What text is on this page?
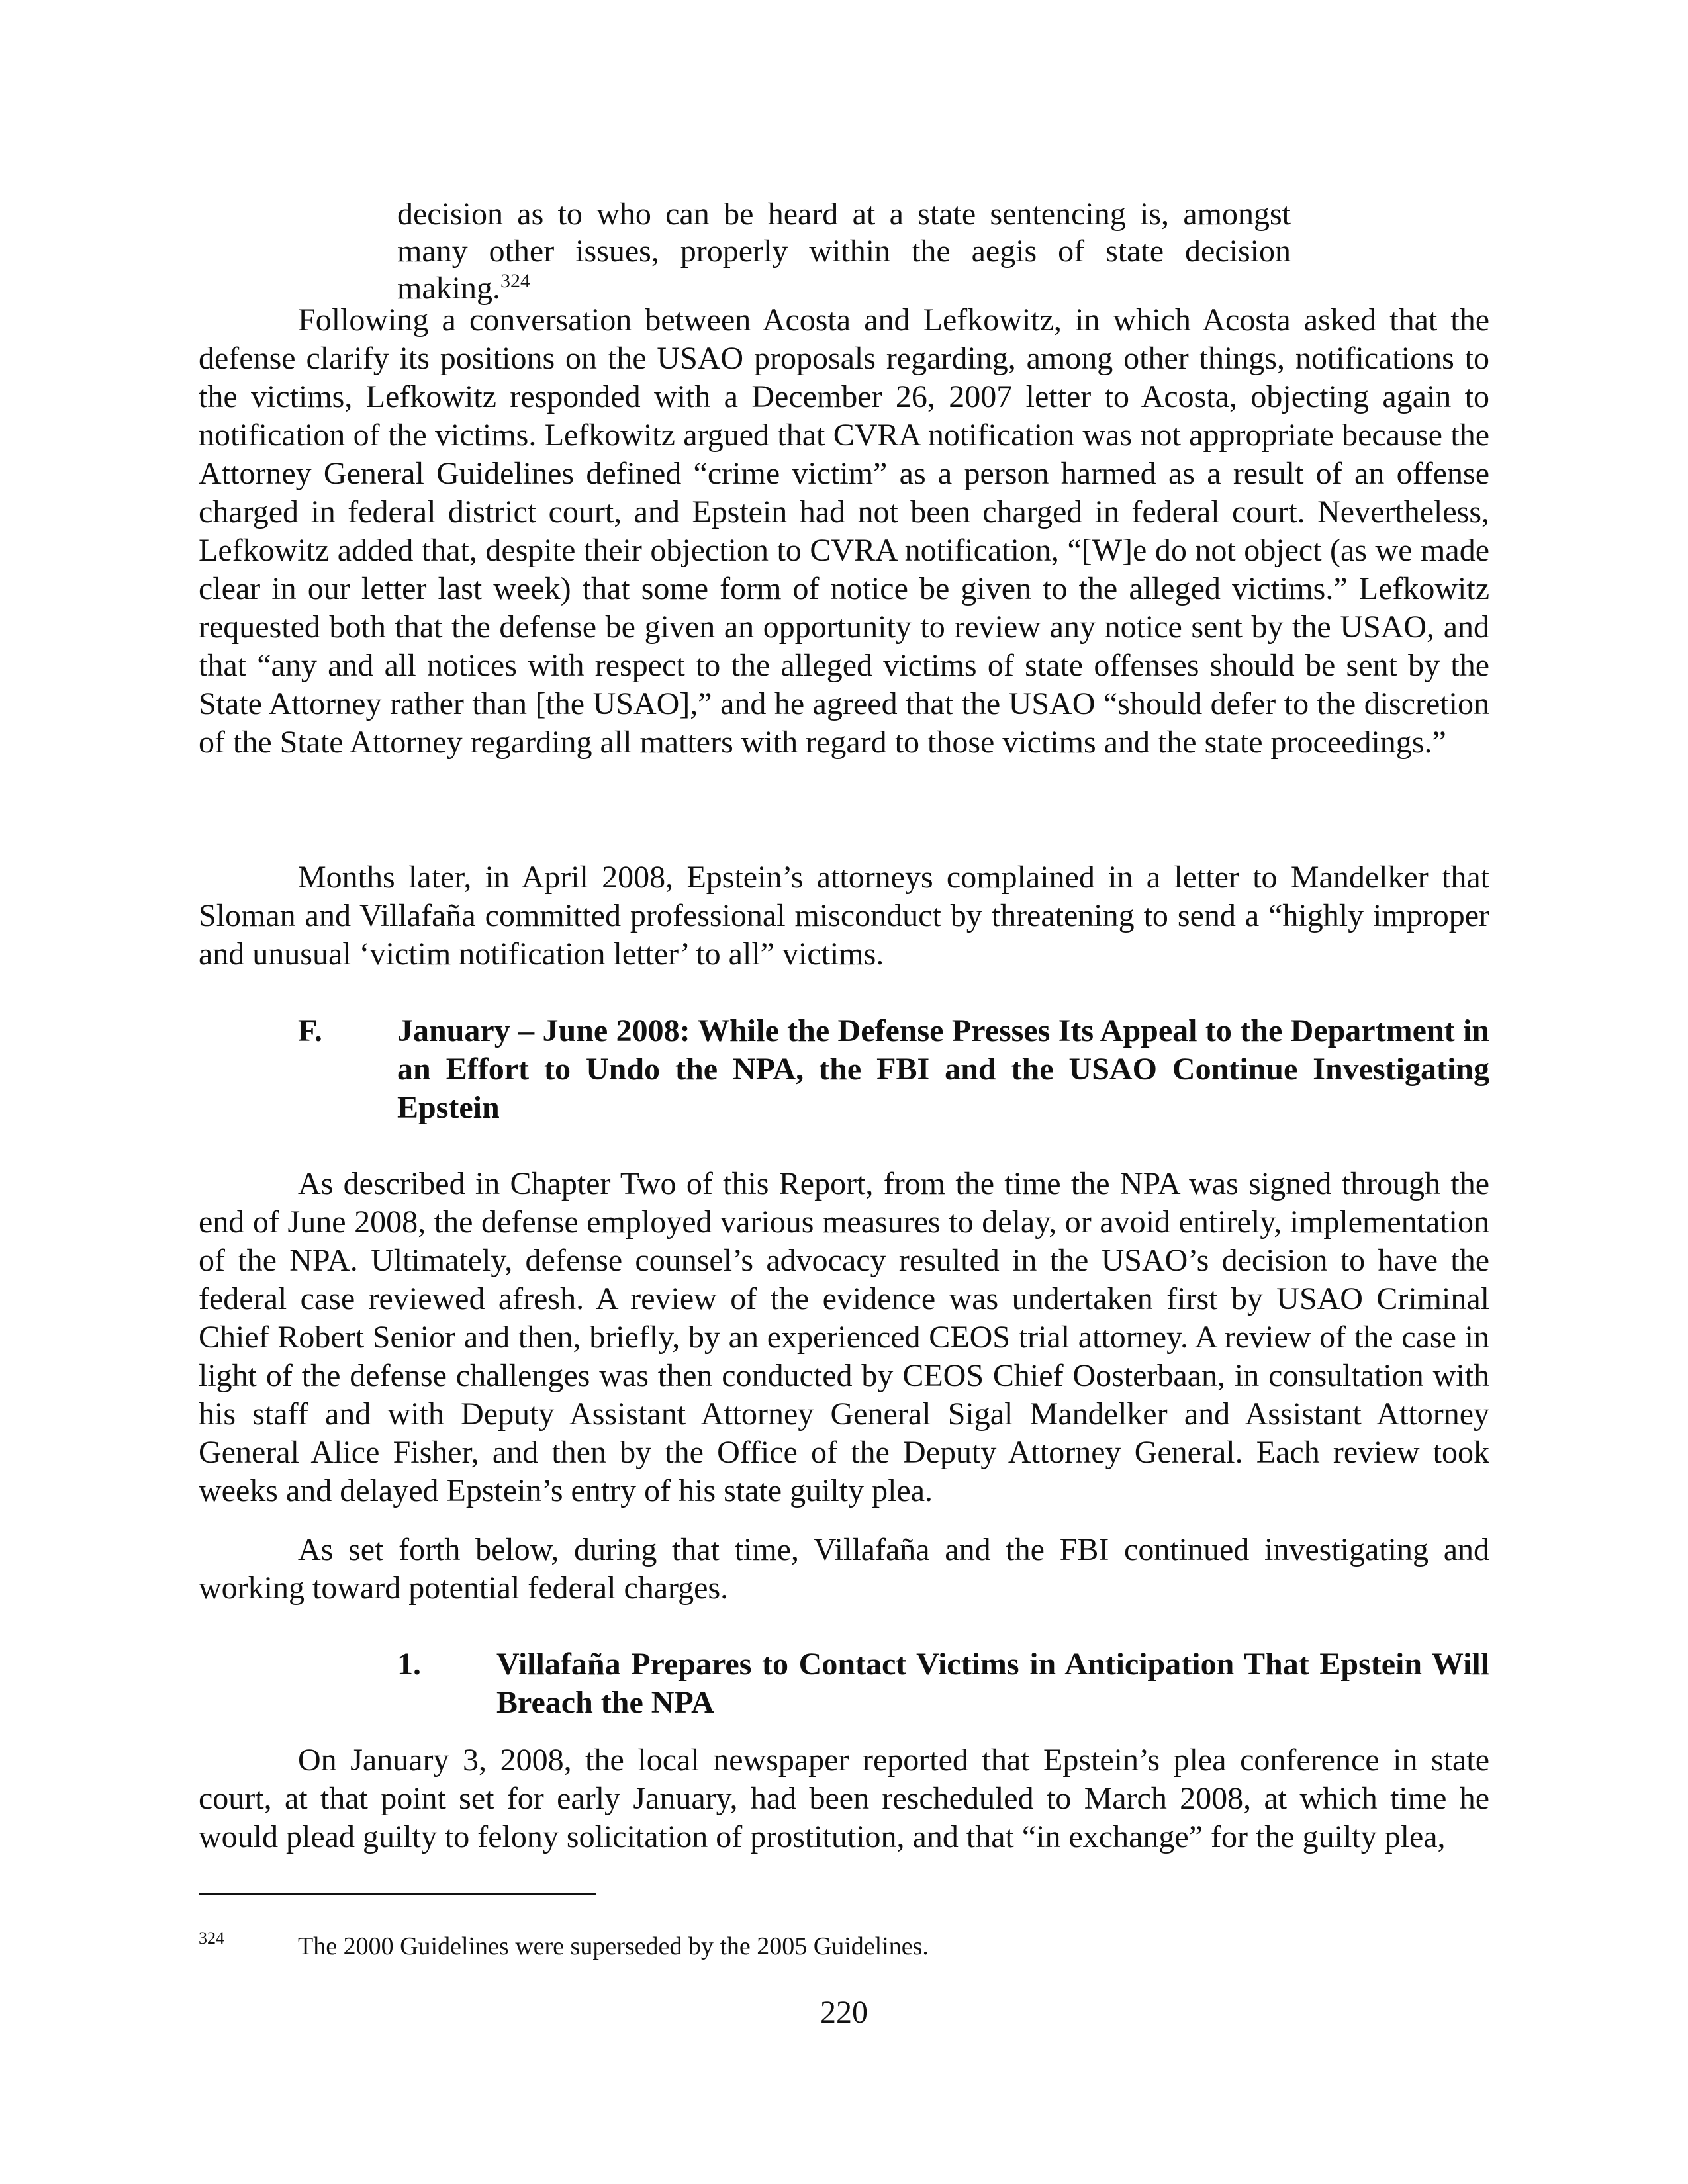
decision as to who can be heard at a state sentencing is, amongst many other issues, properly within the aegis of state decision making.$^{324}$

Following a conversation between Acosta and Lefkowitz, in which Acosta asked that the defense clarify its positions on the USAO proposals regarding, among other things, notifications to the victims, Lefkowitz responded with a December 26, 2007 letter to Acosta, objecting again to notification of the victims. Lefkowitz argued that CVRA notification was not appropriate because the Attorney General Guidelines defined “crime victim” as a person harmed as a result of an offense charged in federal district court, and Epstein had not been charged in federal court. Nevertheless, Lefkowitz added that, despite their objection to CVRA notification, “[W]e do not object (as we made clear in our letter last week) that some form of notice be given to the alleged victims.” Lefkowitz requested both that the defense be given an opportunity to review any notice sent by the USAO, and that “any and all notices with respect to the alleged victims of state offenses should be sent by the State Attorney rather than [the USAO],” and he agreed that the USAO “should defer to the discretion of the State Attorney regarding all matters with regard to those victims and the state proceedings.”

Months later, in April 2008, Epstein’s attorneys complained in a letter to Mandelker that Sloman and Villafaña committed professional misconduct by threatening to send a “highly improper and unusual ‘victim notification letter’ to all” victims.

F. January – June 2008: While the Defense Presses Its Appeal to the Department in an Effort to Undo the NPA, the FBI and the USAO Continue Investigating Epstein

As described in Chapter Two of this Report, from the time the NPA was signed through the end of June 2008, the defense employed various measures to delay, or avoid entirely, implementation of the NPA. Ultimately, defense counsel’s advocacy resulted in the USAO’s decision to have the federal case reviewed afresh. A review of the evidence was undertaken first by USAO Criminal Chief Robert Senior and then, briefly, by an experienced CEOS trial attorney. A review of the case in light of the defense challenges was then conducted by CEOS Chief Oosterbaan, in consultation with his staff and with Deputy Assistant Attorney General Sigal Mandelker and Assistant Attorney General Alice Fisher, and then by the Office of the Deputy Attorney General. Each review took weeks and delayed Epstein’s entry of his state guilty plea.

As set forth below, during that time, Villafaña and the FBI continued investigating and working toward potential federal charges.

1. Villafaña Prepares to Contact Victims in Anticipation That Epstein Will Breach the NPA

On January 3, 2008, the local newspaper reported that Epstein’s plea conference in state court, at that point set for early January, had been rescheduled to March 2008, at which time he would plead guilty to felony solicitation of prostitution, and that “in exchange” for the guilty plea,

324	The 2000 Guidelines were superseded by the 2005 Guidelines.

220
